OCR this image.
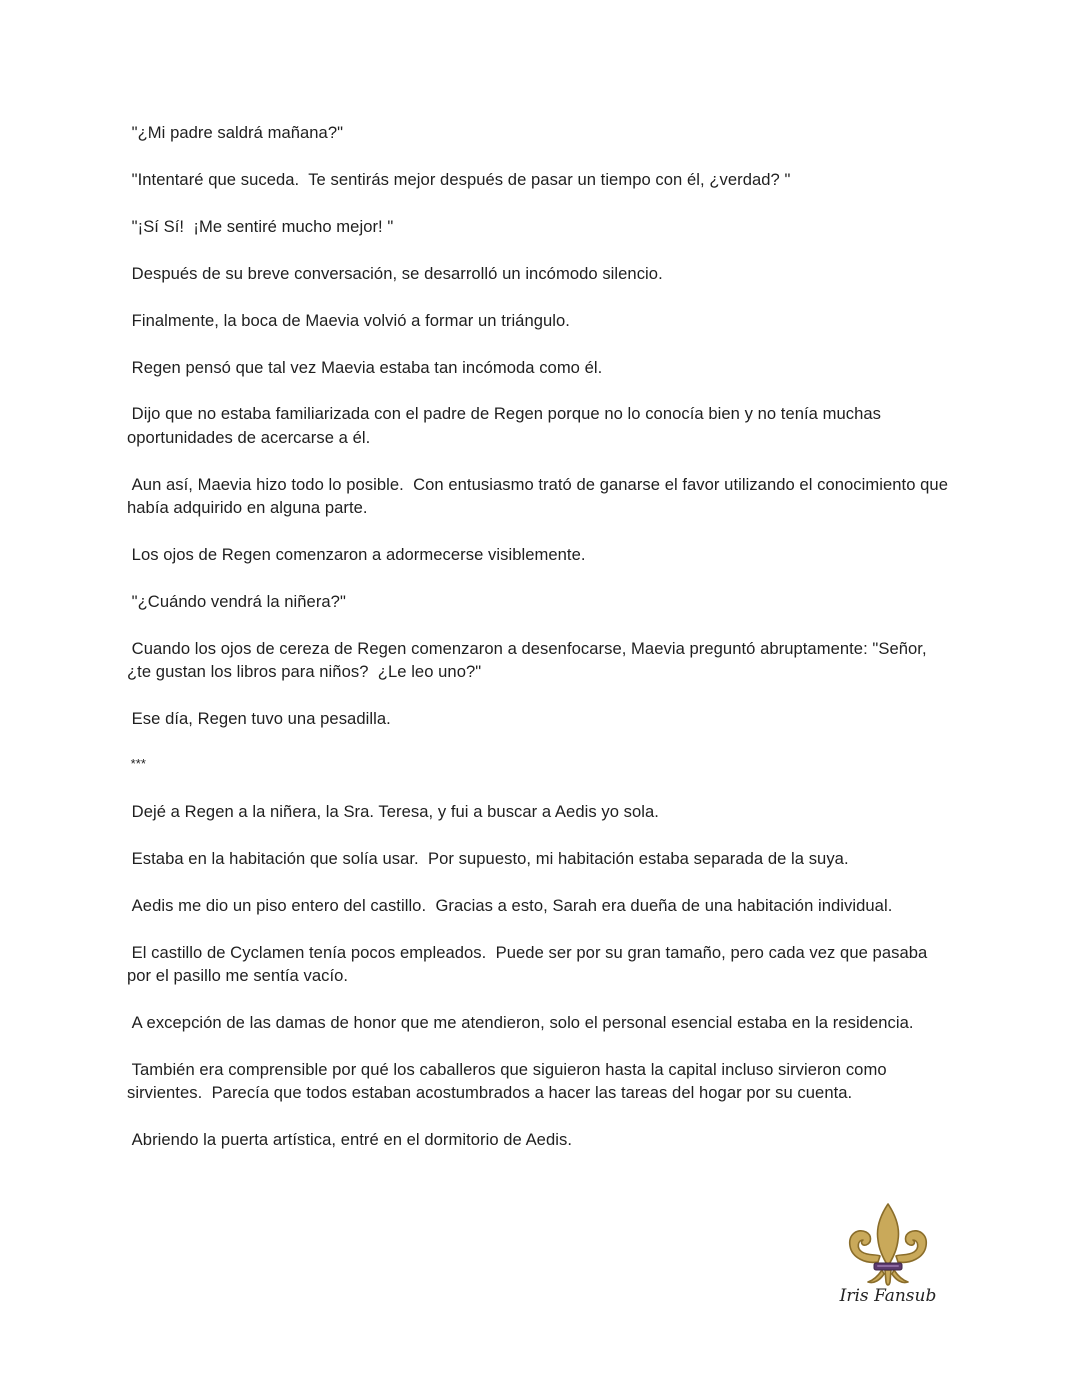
"¿Mi padre saldrá mañana?"

"Intentaré que suceda.  Te sentirás mejor después de pasar un tiempo con él, ¿verdad? "

"¡Sí Sí!  ¡Me sentiré mucho mejor! "

Después de su breve conversación, se desarrolló un incómodo silencio.

Finalmente, la boca de Maevia volvió a formar un triángulo.

Regen pensó que tal vez Maevia estaba tan incómoda como él.

Dijo que no estaba familiarizada con el padre de Regen porque no lo conocía bien y no tenía muchas oportunidades de acercarse a él.

Aun así, Maevia hizo todo lo posible.  Con entusiasmo trató de ganarse el favor utilizando el conocimiento que había adquirido en alguna parte.

Los ojos de Regen comenzaron a adormecerse visiblemente.

"¿Cuándo vendrá la niñera?"

Cuando los ojos de cereza de Regen comenzaron a desenfocarse, Maevia preguntó abruptamente: "Señor, ¿te gustan los libros para niños?  ¿Le leo uno?"

Ese día, Regen tuvo una pesadilla.

***

Dejé a Regen a la niñera, la Sra. Teresa, y fui a buscar a Aedis yo sola.

Estaba en la habitación que solía usar.  Por supuesto, mi habitación estaba separada de la suya.

Aedis me dio un piso entero del castillo.  Gracias a esto, Sarah era dueña de una habitación individual.

El castillo de Cyclamen tenía pocos empleados.  Puede ser por su gran tamaño, pero cada vez que pasaba por el pasillo me sentía vacío.

A excepción de las damas de honor que me atendieron, solo el personal esencial estaba en la residencia.

También era comprensible por qué los caballeros que siguieron hasta la capital incluso sirvieron como sirvientes.  Parecía que todos estaban acostumbrados a hacer las tareas del hogar por su cuenta.

Abriendo la puerta artística, entré en el dormitorio de Aedis.

Iris Fansub
